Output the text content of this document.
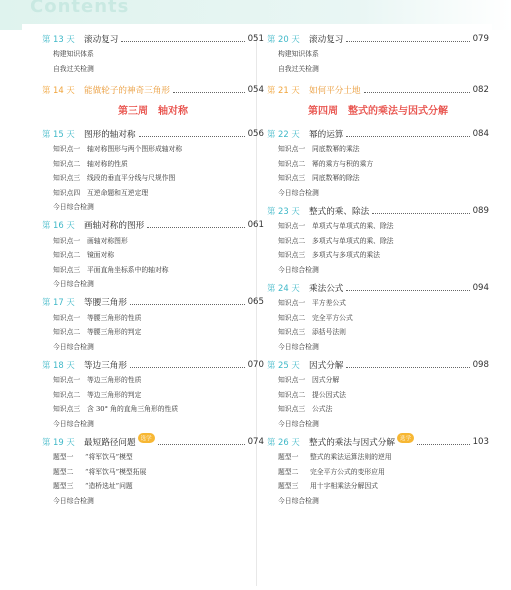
Contents
第 13 天	滚动复习	051
构建知识体系
自我过关检测
第 14 天	能做轮子的神奇三角形	054
第三周　轴对称
第 15 天	图形的轴对称	056
知识点一 轴对称图形与两个图形成轴对称
知识点二 轴对称的性质
知识点三 线段的垂直平分线与尺规作图
知识点四 互逆命题和互逆定理
今日综合检测
第 16 天	画轴对称的图形	061
知识点一 画轴对称图形
知识点二 镜面对称
知识点三 平面直角坐标系中的轴对称
今日综合检测
第 17 天	等腰三角形	065
知识点一 等腰三角形的性质
知识点二 等腰三角形的判定
今日综合检测
第 18 天	等边三角形	070
知识点一 等边三角形的性质
知识点二 等边三角形的判定
知识点三 含 30° 角的直角三角形的性质
今日综合检测
第 19 天	最短路径问题 选学	074
题型一 “将军饮马”模型
题型二 “将军饮马”模型拓展
题型三 “造桥选址”问题
今日综合检测
第 20 天	滚动复习	079
构建知识体系
自我过关检测
第 21 天	如何平分土地	082
第四周　整式的乘法与因式分解
第 22 天	幂的运算	084
知识点一 同底数幂的乘法
知识点二 幂的乘方与积的乘方
知识点三 同底数幂的除法
今日综合检测
第 23 天	整式的乘、除法	089
知识点一 单项式与单项式的乘、除法
知识点二 多项式与单项式的乘、除法
知识点三 多项式与多项式的乘法
今日综合检测
第 24 天	乘法公式	094
知识点一 平方差公式
知识点二 完全平方公式
知识点三 添括号法则
今日综合检测
第 25 天	因式分解	098
知识点一 因式分解
知识点二 提公因式法
知识点三 公式法
今日综合检测
第 26 天	整式的乘法与因式分解 选学	103
题型一 整式的乘法运算法则的逆用
题型二 完全平方公式的变形应用
题型三 用十字相乘法分解因式
今日综合检测
